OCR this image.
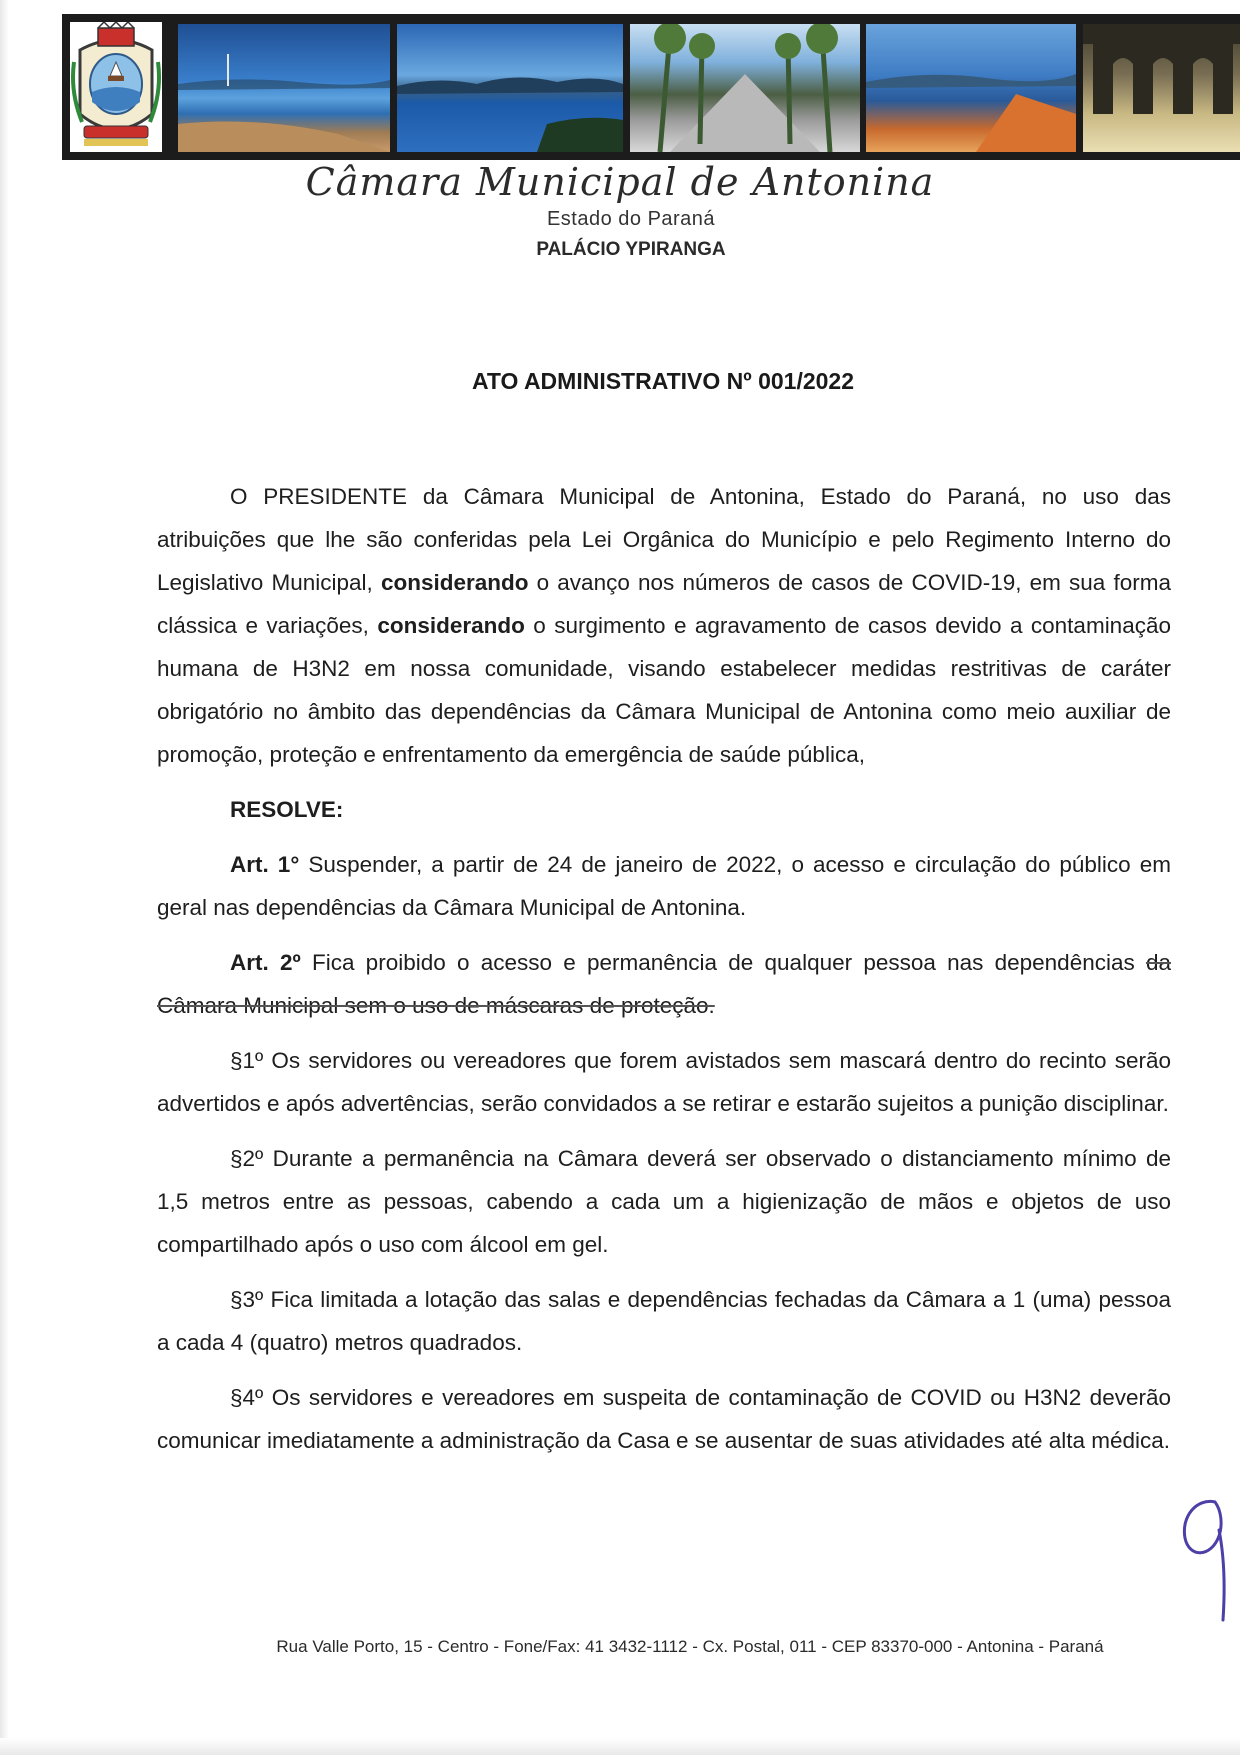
Câmara Municipal de Antonina
Estado do Paraná
PALÁCIO YPIRANGA
ATO ADMINISTRATIVO Nº 001/2022

O PRESIDENTE da Câmara Municipal de Antonina, Estado do Paraná, no uso das atribuições que lhe são conferidas pela Lei Orgânica do Município e pelo Regimento Interno do Legislativo Municipal, considerando o avanço nos números de casos de COVID-19, em sua forma clássica e variações, considerando o surgimento e agravamento de casos devido a contaminação humana de H3N2 em nossa comunidade, visando estabelecer medidas restritivas de caráter obrigatório no âmbito das dependências da Câmara Municipal de Antonina como meio auxiliar de promoção, proteção e enfrentamento da emergência de saúde pública,

RESOLVE:

Art. 1° Suspender, a partir de 24 de janeiro de 2022, o acesso e circulação do público em geral nas dependências da Câmara Municipal de Antonina.

Art. 2º Fica proibido o acesso e permanência de qualquer pessoa nas dependências da Câmara Municipal sem o uso de máscaras de proteção.

§1º Os servidores ou vereadores que forem avistados sem mascará dentro do recinto serão advertidos e após advertências, serão convidados a se retirar e estarão sujeitos a punição disciplinar.

§2º Durante a permanência na Câmara deverá ser observado o distanciamento mínimo de 1,5 metros entre as pessoas, cabendo a cada um a higienização de mãos e objetos de uso compartilhado após o uso com álcool em gel.

§3º Fica limitada a lotação das salas e dependências fechadas da Câmara a 1 (uma) pessoa a cada 4 (quatro) metros quadrados.

§4º Os servidores e vereadores em suspeita de contaminação de COVID ou H3N2 deverão comunicar imediatamente a administração da Casa e se ausentar de suas atividades até alta médica.

Rua Valle Porto, 15 - Centro - Fone/Fax: 41 3432-1112 - Cx. Postal, 011 - CEP 83370-000 - Antonina - Paraná
